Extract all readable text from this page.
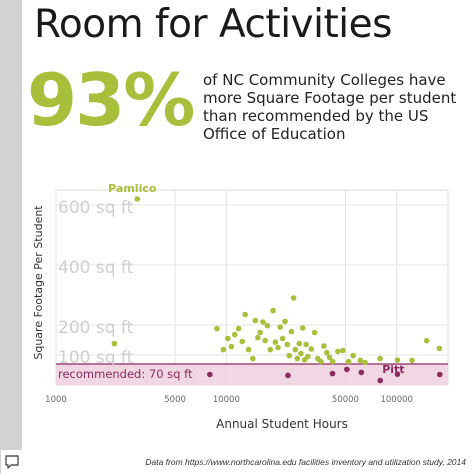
Room for Activities
93% of NC Community Colleges have more Square Footage per student than recommended by the US Office of Education
recommended: 70 sq ft
100 sq ft
200 sq ft
400 sq ft
600 sq ft
1000	5000	10000	50000	100000
Annual Student Hours
Square Footage Per Student
Pamlico
Pitt
Data from https://www.northcarolina.edu facilities inventory and utilization study, 2014
